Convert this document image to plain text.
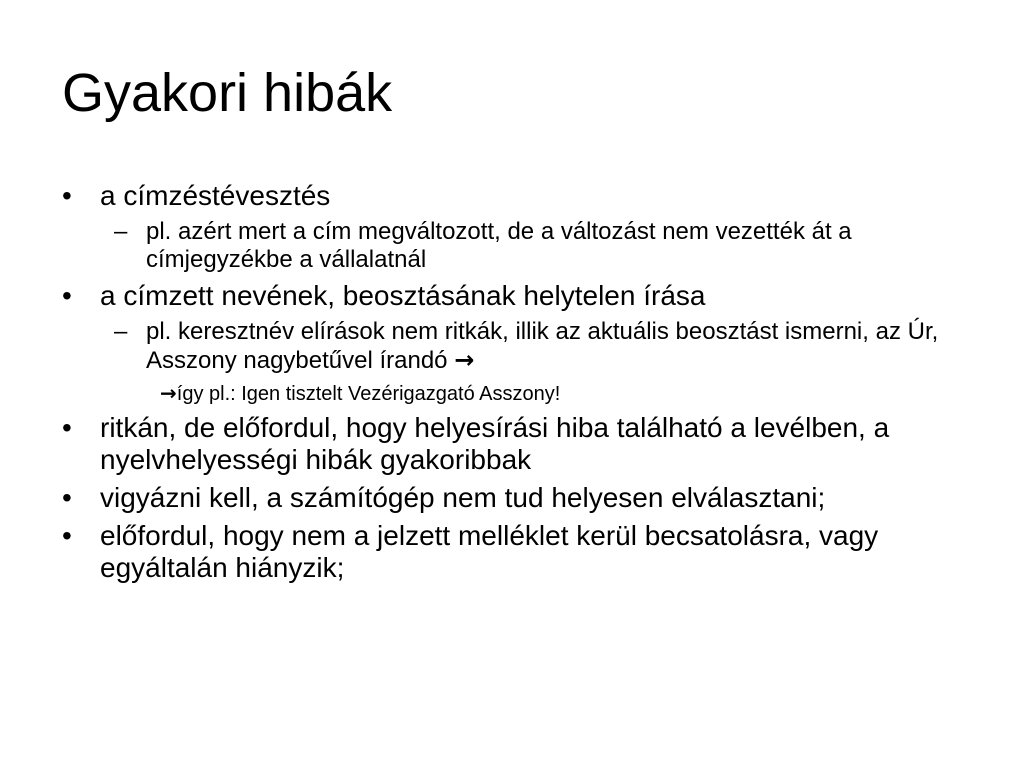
Gyakori hibák
• a címzéstévesztés
– pl. azért mert a cím megváltozott, de a változást nem vezették át a címjegyzékbe a vállalatnál
• a címzett nevének, beosztásának helytelen írása
– pl. keresztnév elírások nem ritkák, illik az aktuális beosztást ismerni, az Úr, Asszony nagybetűvel írandó →
→így pl.: Igen tisztelt Vezérigazgató Asszony!
• ritkán, de előfordul, hogy helyesírási hiba található a levélben, a nyelvhelyességi hibák gyakoribbak
• vigyázni kell, a számítógép nem tud helyesen elválasztani;
• előfordul, hogy nem a jelzett melléklet kerül becsatolásra, vagy egyáltalán hiányzik;
